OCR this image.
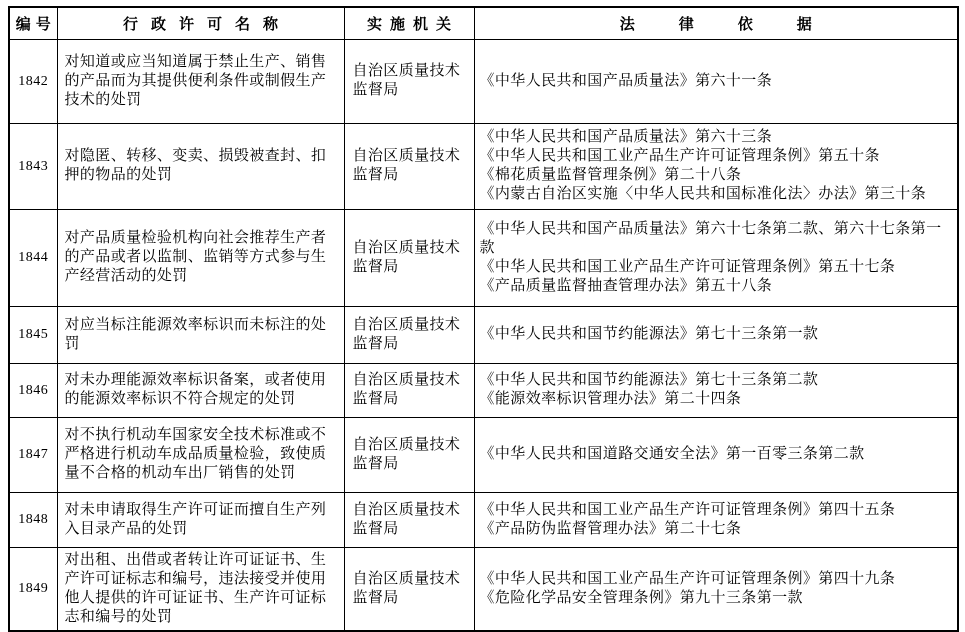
编号	行政许可名称	实施机关	法律依据
1842	对知道或应当知道属于禁止生产、销售的产品而为其提供便利条件或制假生产技术的处罚	自治区质量技术监督局	《中华人民共和国产品质量法》第六十一条

1843	对隐匿、转移、变卖、损毁被查封、扣押的物品的处罚	自治区质量技术监督局	《中华人民共和国产品质量法》第六十三条
《中华人民共和国工业产品生产许可证管理条例》第五十条
《棉花质量监督管理条例》第二十八条
《内蒙古自治区实施〈中华人民共和国标准化法〉办法》第三十条

1844	对产品质量检验机构向社会推荐生产者的产品或者以监制、监销等方式参与生产经营活动的处罚	自治区质量技术监督局	《中华人民共和国产品质量法》第六十七条第二款、第六十七条第一款
《中华人民共和国工业产品生产许可证管理条例》第五十七条
《产品质量监督抽查管理办法》第五十八条

1845	对应当标注能源效率标识而未标注的处罚	自治区质量技术监督局	《中华人民共和国节约能源法》第七十三条第一款

1846	对未办理能源效率标识备案，或者使用的能源效率标识不符合规定的处罚	自治区质量技术监督局	《中华人民共和国节约能源法》第七十三条第二款
《能源效率标识管理办法》第二十四条

1847	对不执行机动车国家安全技术标准或不严格进行机动车成品质量检验，致使质量不合格的机动车出厂销售的处罚	自治区质量技术监督局	《中华人民共和国道路交通安全法》第一百零三条第二款

1848	对未申请取得生产许可证而擅自生产列入目录产品的处罚	自治区质量技术监督局	《中华人民共和国工业产品生产许可证管理条例》第四十五条
《产品防伪监督管理办法》第二十七条

1849	对出租、出借或者转让许可证证书、生产许可证标志和编号，违法接受并使用他人提供的许可证证书、生产许可证标志和编号的处罚	自治区质量技术监督局	《中华人民共和国工业产品生产许可证管理条例》第四十九条
《危险化学品安全管理条例》第九十三条第一款
